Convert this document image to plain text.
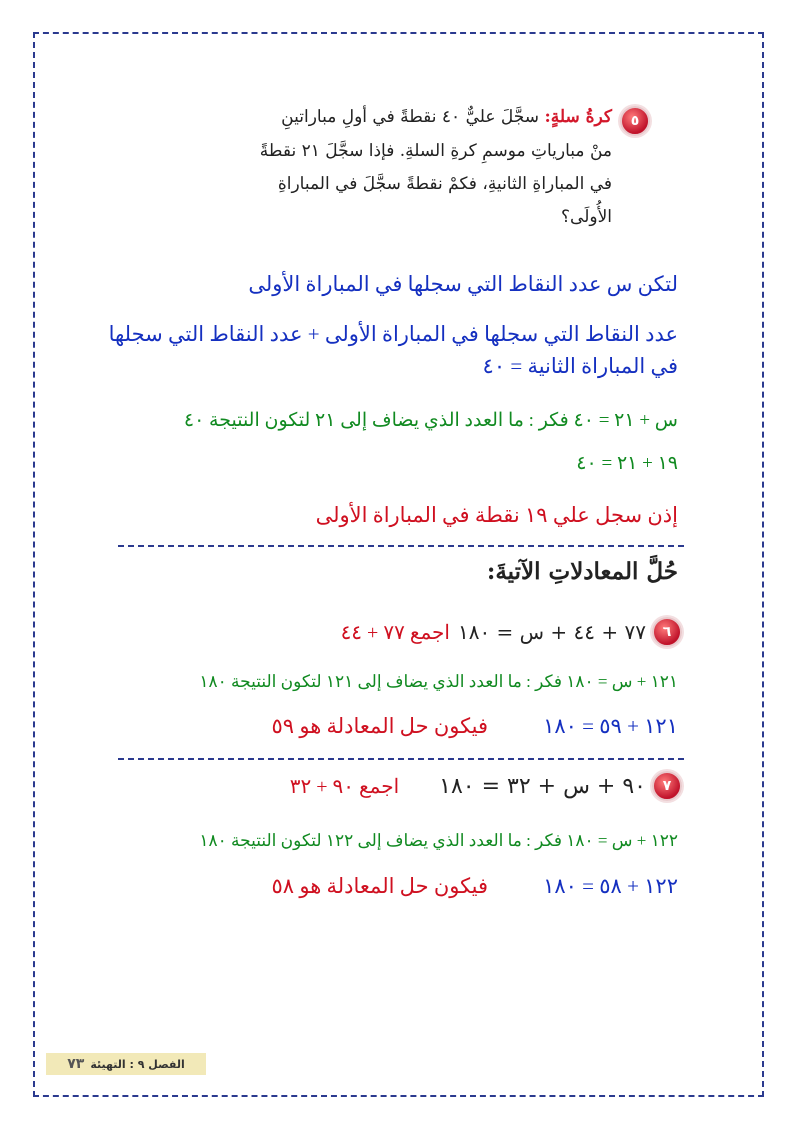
٥
كرةُ سلةٍ: سجَّلَ عليٌّ ٤٠ نقطةً في أولِ مباراتينِ
منْ مبارياتِ موسمِ كرةِ السلةِ. فإذا سجَّلَ ٢١ نقطةً
في المباراةِ الثانيةِ، فكمْ نقطةً سجَّلَ في المباراةِ
الأُولَى؟
لتكن س عدد النقاط التي سجلها في المباراة الأولى
عدد النقاط التي سجلها في المباراة الأولى + عدد النقاط التي سجلها
في المباراة الثانية = ٤٠
س + ٢١ = ٤٠ فكر : ما العدد الذي يضاف إلى ٢١ لتكون النتيجة ٤٠
١٩ + ٢١ = ٤٠
إذن سجل علي ١٩ نقطة في المباراة الأولى
حُلَّ المعادلاتِ الآتيةَ:
٦
٧٧ + ٤٤ + س = ١٨٠
اجمع ٧٧ + ٤٤
١٢١ + س = ١٨٠ فكر : ما العدد الذي يضاف إلى ١٢١ لتكون النتيجة ١٨٠
١٢١ + ٥٩ = ١٨٠
فيكون حل المعادلة هو ٥٩
٧
٩٠ + س + ٣٢ = ١٨٠
اجمع ٩٠ + ٣٢
١٢٢ + س = ١٨٠ فكر : ما العدد الذي يضاف إلى ١٢٢ لتكون النتيجة ١٨٠
١٢٢ + ٥٨ = ١٨٠
فيكون حل المعادلة هو ٥٨
الفصل ٩ : التهيئة
٧٣
